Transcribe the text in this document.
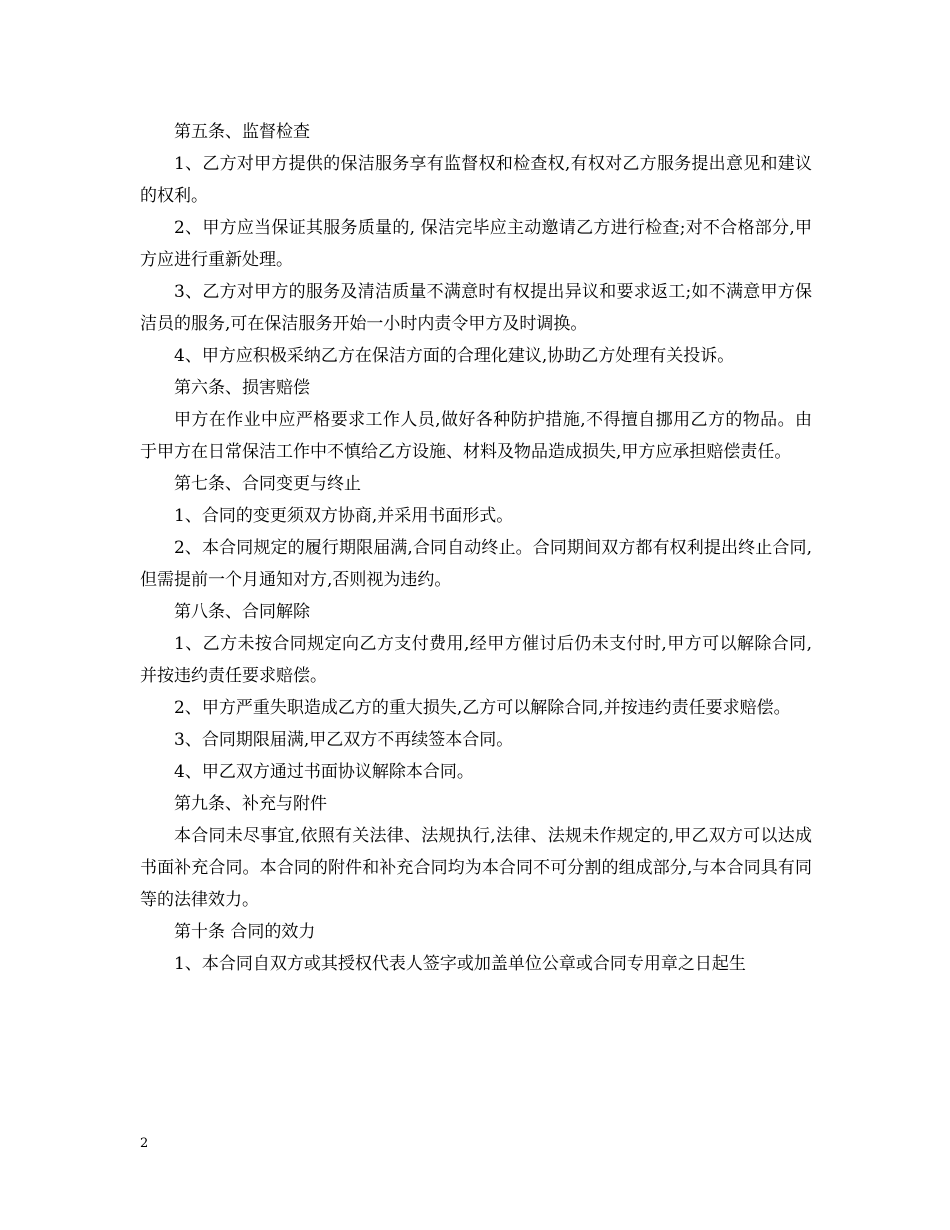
第五条、监督检查

1、乙方对甲方提供的保洁服务享有监督权和检查权,有权对乙方服务提出意见和建议的权利。

2、甲方应当保证其服务质量的, 保洁完毕应主动邀请乙方进行检查;对不合格部分,甲方应进行重新处理。

3、乙方对甲方的服务及清洁质量不满意时有权提出异议和要求返工;如不满意甲方保洁员的服务,可在保洁服务开始一小时内责令甲方及时调换。

4、甲方应积极采纳乙方在保洁方面的合理化建议,协助乙方处理有关投诉。

第六条、损害赔偿

甲方在作业中应严格要求工作人员,做好各种防护措施,不得擅自挪用乙方的物品。由于甲方在日常保洁工作中不慎给乙方设施、材料及物品造成损失,甲方应承担赔偿责任。

第七条、合同变更与终止

1、合同的变更须双方协商,并采用书面形式。

2、本合同规定的履行期限届满,合同自动终止。合同期间双方都有权利提出终止合同,但需提前一个月通知对方,否则视为违约。

第八条、合同解除

1、乙方未按合同规定向乙方支付费用,经甲方催讨后仍未支付时,甲方可以解除合同,并按违约责任要求赔偿。

2、甲方严重失职造成乙方的重大损失,乙方可以解除合同,并按违约责任要求赔偿。

3、合同期限届满,甲乙双方不再续签本合同。

4、甲乙双方通过书面协议解除本合同。

第九条、补充与附件

本合同未尽事宜,依照有关法律、法规执行,法律、法规未作规定的,甲乙双方可以达成书面补充合同。本合同的附件和补充合同均为本合同不可分割的组成部分,与本合同具有同等的法律效力。

第十条 合同的效力

1、本合同自双方或其授权代表人签字或加盖单位公章或合同专用章之日起生

2
